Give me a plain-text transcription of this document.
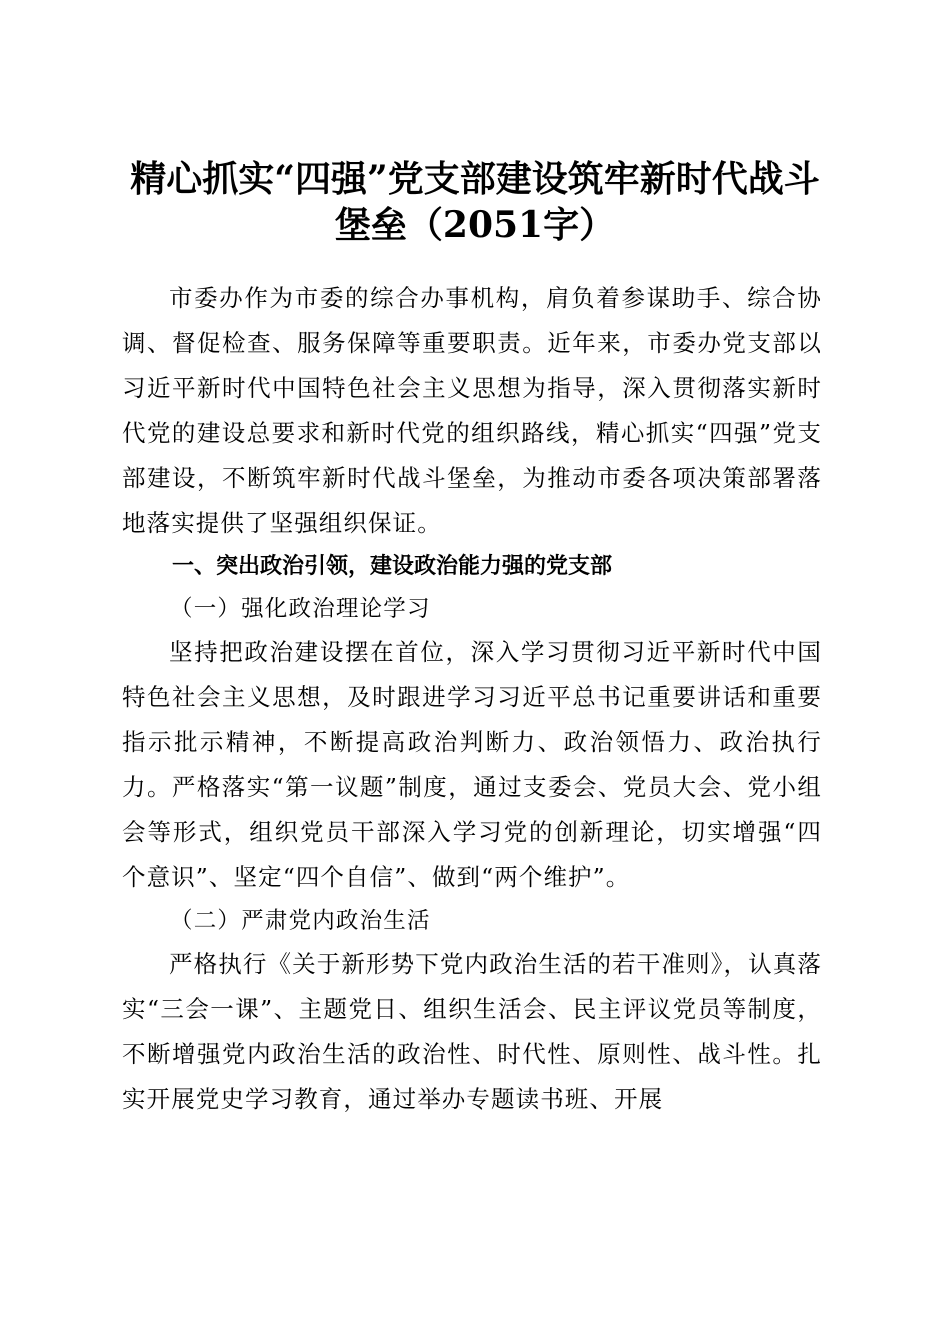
精心抓实“四强”党支部建设筑牢新时代战斗
堡垒（2051字）

市委办作为市委的综合办事机构，肩负着参谋助手、综合协调、督促检查、服务保障等重要职责。近年来，市委办党支部以习近平新时代中国特色社会主义思想为指导，深入贯彻落实新时代党的建设总要求和新时代党的组织路线，精心抓实“四强”党支部建设，不断筑牢新时代战斗堡垒，为推动市委各项决策部署落地落实提供了坚强组织保证。

一、突出政治引领，建设政治能力强的党支部

（一）强化政治理论学习

坚持把政治建设摆在首位，深入学习贯彻习近平新时代中国特色社会主义思想，及时跟进学习习近平总书记重要讲话和重要指示批示精神，不断提高政治判断力、政治领悟力、政治执行力。严格落实“第一议题”制度，通过支委会、党员大会、党小组会等形式，组织党员干部深入学习党的创新理论，切实增强“四个意识”、坚定“四个自信”、做到“两个维护”。

（二）严肃党内政治生活

严格执行《关于新形势下党内政治生活的若干准则》，认真落实“三会一课”、主题党日、组织生活会、民主评议党员等制度，不断增强党内政治生活的政治性、时代性、原则性、战斗性。扎实开展党史学习教育，通过举办专题读书班、开展
